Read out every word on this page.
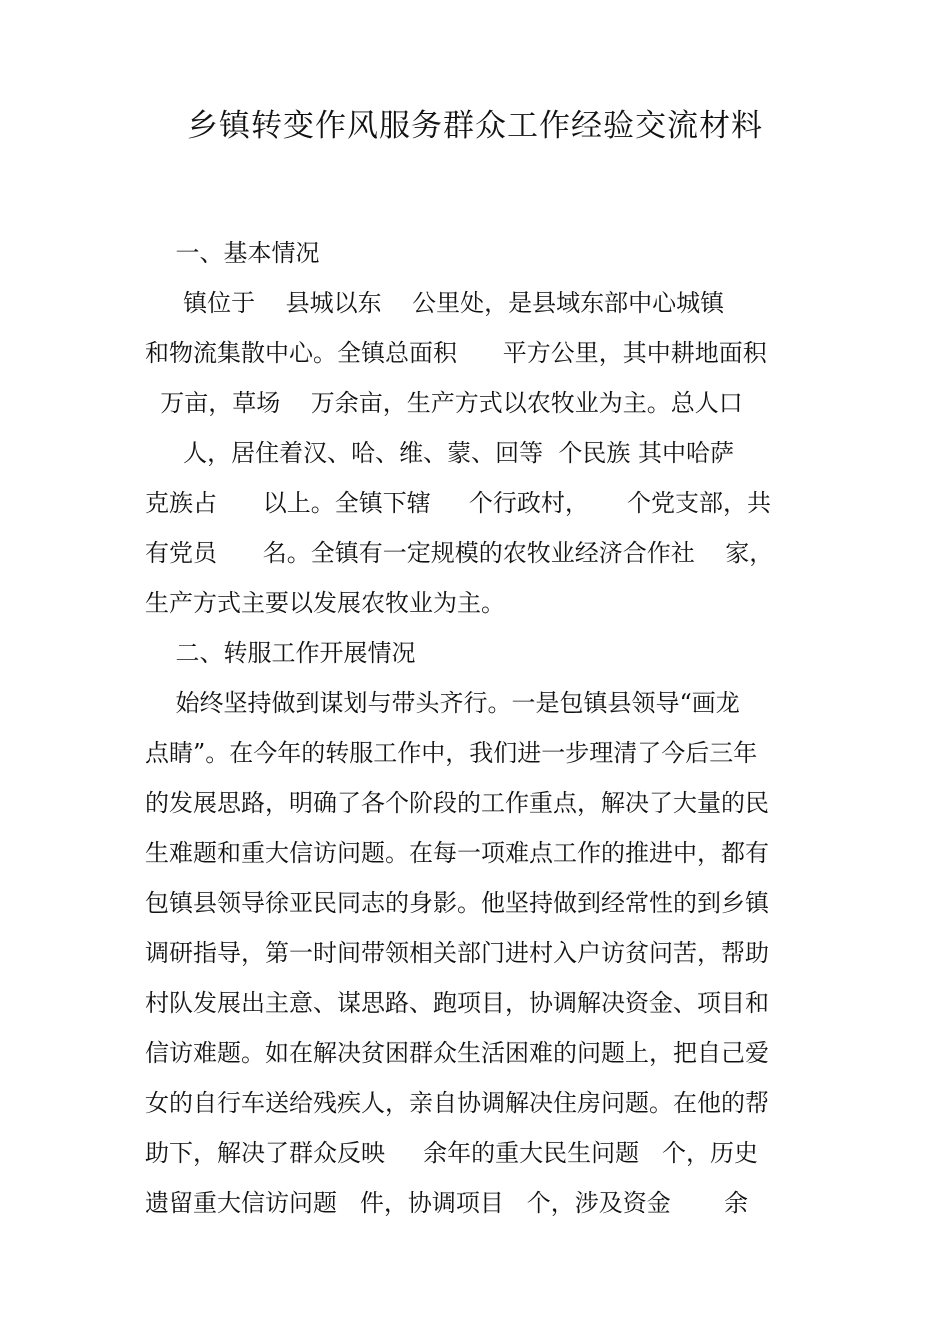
乡镇转变作风服务群众工作经验交流材料
一、基本情况
镇位于    县城以东    公里处，是县域东部中心城镇
和物流集散中心。全镇总面积      平方公里，其中耕地面积
万亩，草场    万余亩，生产方式以农牧业为主。总人口
人，居住着汉、哈、维、蒙、回等  个民族 其中哈萨
克族占      以上。全镇下辖     个行政村，     个党支部，共
有党员      名。全镇有一定规模的农牧业经济合作社    家，
生产方式主要以发展农牧业为主。
二、转服工作开展情况
始终坚持做到谋划与带头齐行。一是包镇县领导“画龙
点睛”。在今年的转服工作中，我们进一步理清了今后三年
的发展思路，明确了各个阶段的工作重点，解决了大量的民
生难题和重大信访问题。在每一项难点工作的推进中，都有
包镇县领导徐亚民同志的身影。他坚持做到经常性的到乡镇
调研指导，第一时间带领相关部门进村入户访贫问苦，帮助
村队发展出主意、谋思路、跑项目，协调解决资金、项目和
信访难题。如在解决贫困群众生活困难的问题上，把自己爱
女的自行车送给残疾人，亲自协调解决住房问题。在他的帮
助下，解决了群众反映     余年的重大民生问题   个，历史
遗留重大信访问题   件，协调项目   个，涉及资金       余
